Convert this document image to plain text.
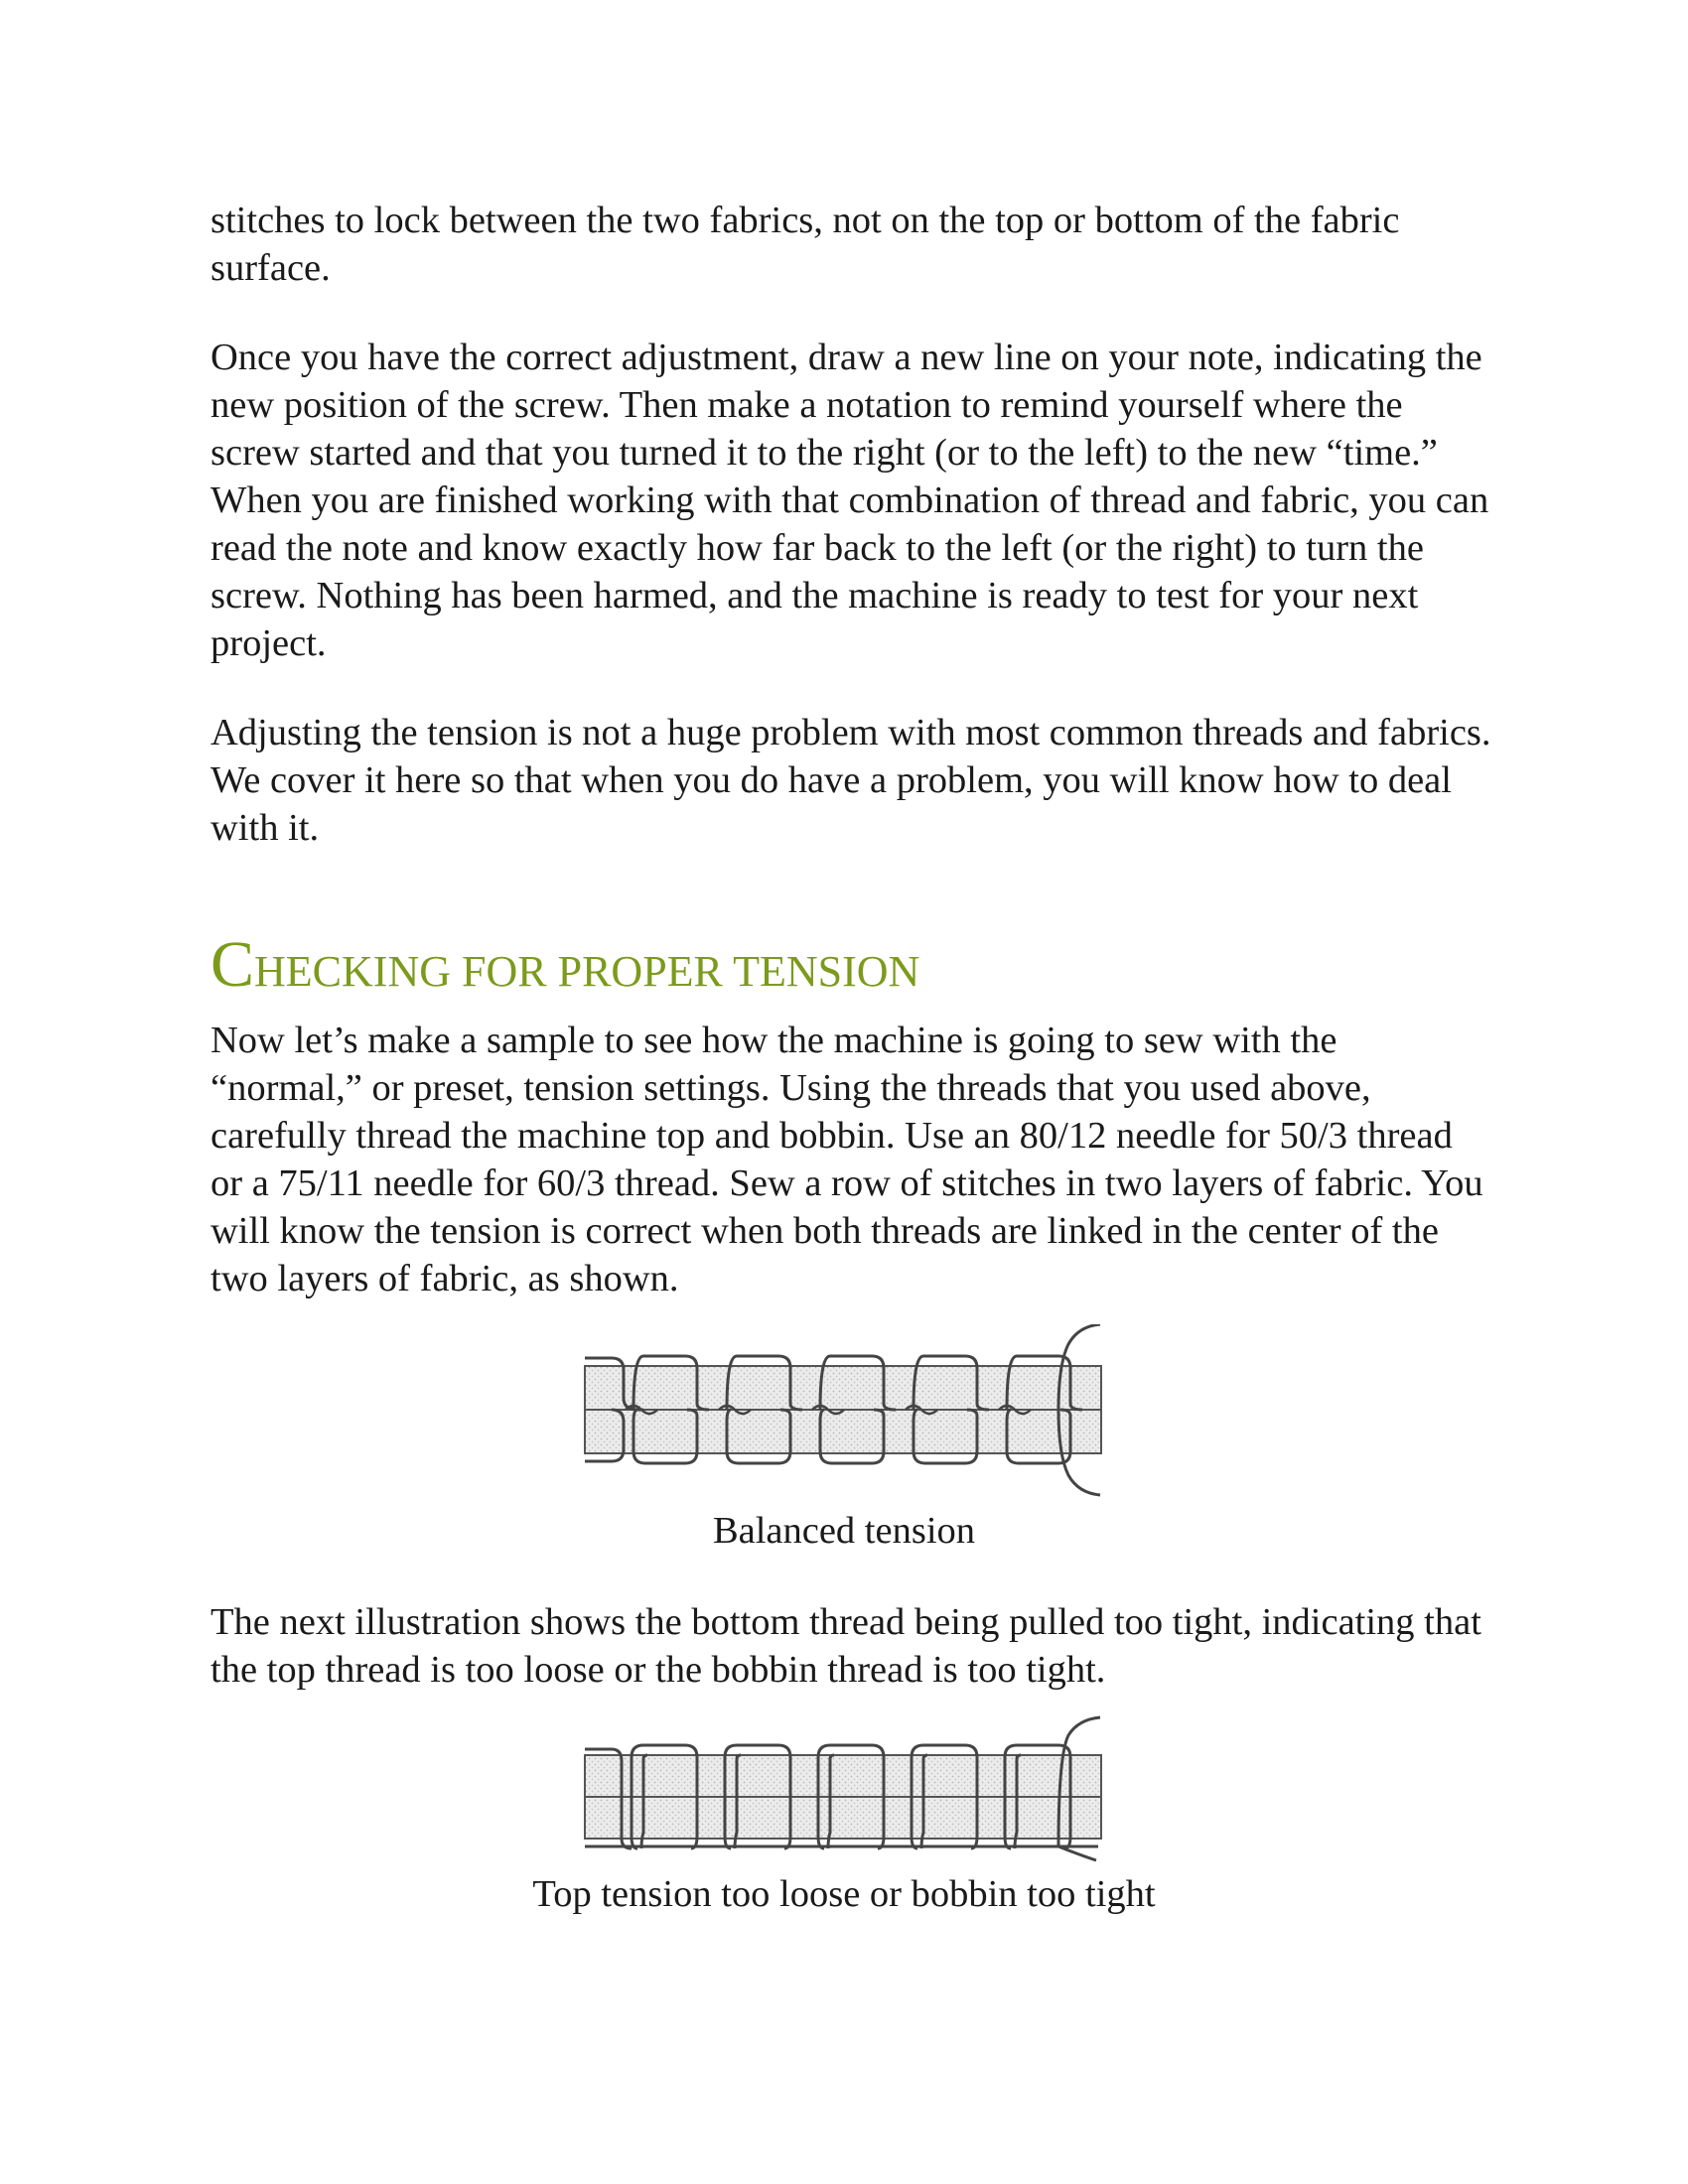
stitches to lock between the two fabrics, not on the top or bottom of the fabric surface.

Once you have the correct adjustment, draw a new line on your note, indicating the new position of the screw. Then make a notation to remind yourself where the screw started and that you turned it to the right (or to the left) to the new “time.” When you are finished working with that combination of thread and fabric, you can read the note and know exactly how far back to the left (or the right) to turn the screw. Nothing has been harmed, and the machine is ready to test for your next project.

Adjusting the tension is not a huge problem with most common threads and fabrics. We cover it here so that when you do have a problem, you will know how to deal with it.

CHECKING FOR PROPER TENSION

Now let’s make a sample to see how the machine is going to sew with the “normal,” or preset, tension settings. Using the threads that you used above, carefully thread the machine top and bobbin. Use an 80/12 needle for 50/3 thread or a 75/11 needle for 60/3 thread. Sew a row of stitches in two layers of fabric. You will know the tension is correct when both threads are linked in the center of the two layers of fabric, as shown.

Balanced tension

The next illustration shows the bottom thread being pulled too tight, indicating that the top thread is too loose or the bobbin thread is too tight.

Top tension too loose or bobbin too tight
